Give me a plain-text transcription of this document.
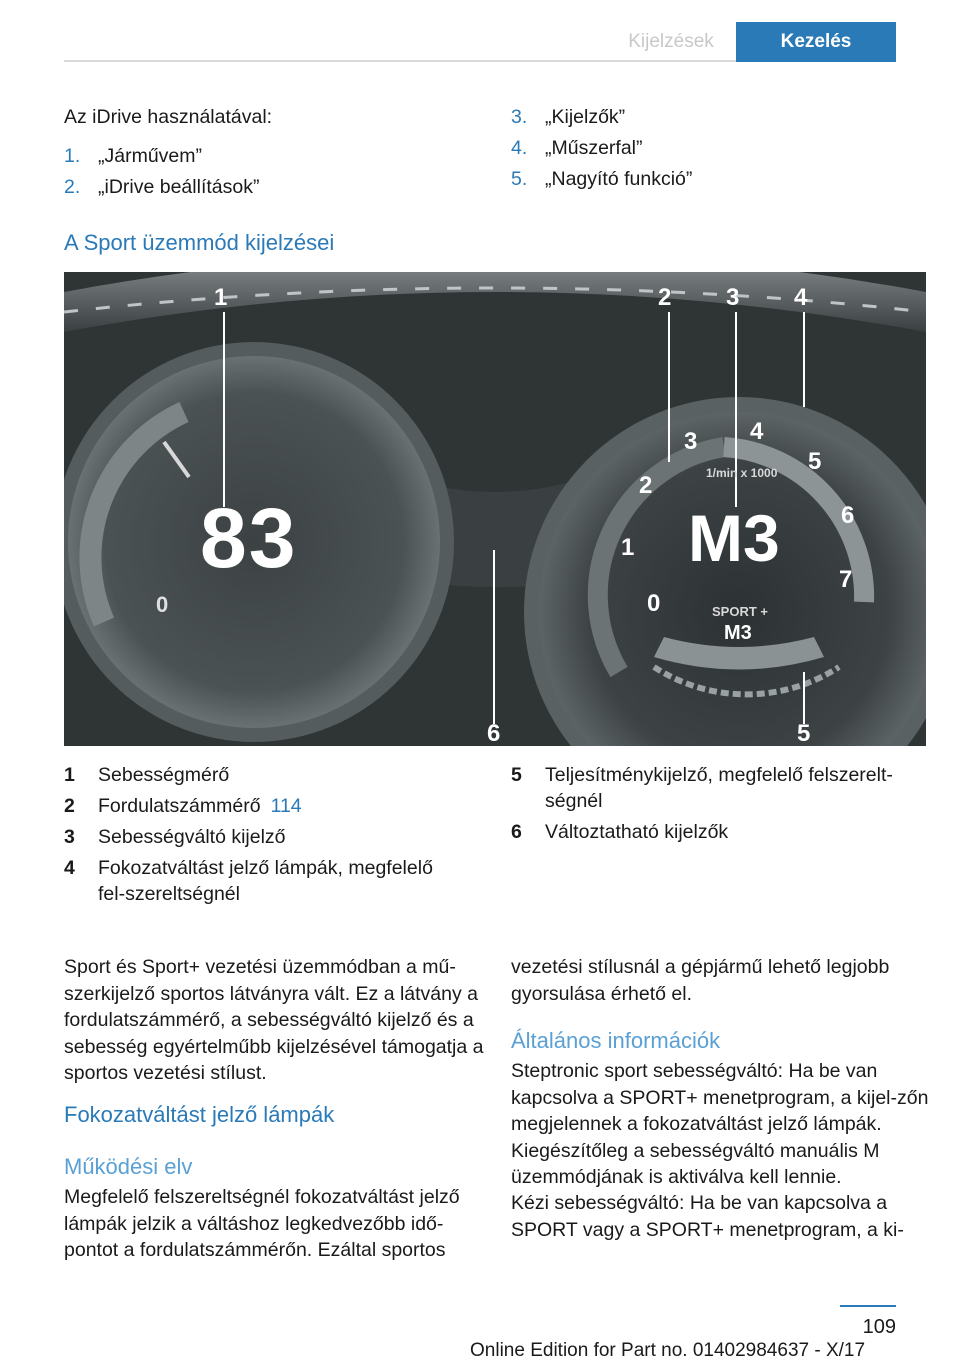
Kijelzések	Kezelés
Az iDrive használatával:
1. „Járművem”
2. „iDrive beállítások”
3. „Kijelzők”
4. „Műszerfal”
5. „Nagyító funkció”
A Sport üzemmód kijelzései
1	2 3 4
5
6
83
0
M3
0
1
2
3 4
5
6
7
1/min x 1000
SPORT +
M3
1 Sebességmérő
2 Fordulatszámmérő 114
3 Sebességváltó kijelző
4 Fokozatváltást jelző lámpák, megfelelő fel-szereltségnél
5 Teljesítménykijelző, megfelelő felszerelt-ségnél
6 Változtatható kijelzők
Sport és Sport+ vezetési üzemmódban a mű-szerkijelző sportos látványra vált. Ez a látvány a fordulatszámmérő, a sebességváltó kijelző és a sebesség egyértelműbb kijelzésével támogatja a sportos vezetési stílust.
Fokozatváltást jelző lámpák
Működési elv
Megfelelő felszereltségnél fokozatváltást jelző lámpák jelzik a váltáshoz legkedvezőbb idő-pontot a fordulatszámmérőn. Ezáltal sportos
vezetési stílusnál a gépjármű lehető legjobb gyorsulása érhető el.
Általános információk
Steptronic sport sebességváltó: Ha be van kapcsolva a SPORT+ menetprogram, a kijel-zőn megjelennek a fokozatváltást jelző lámpák. Kiegészítőleg a sebességváltó manuális M üzemmódjának is aktiválva kell lennie.
Kézi sebességváltó: Ha be van kapcsolva a SPORT vagy a SPORT+ menetprogram, a ki-
109
Online Edition for Part no. 01402984637 - X/17
